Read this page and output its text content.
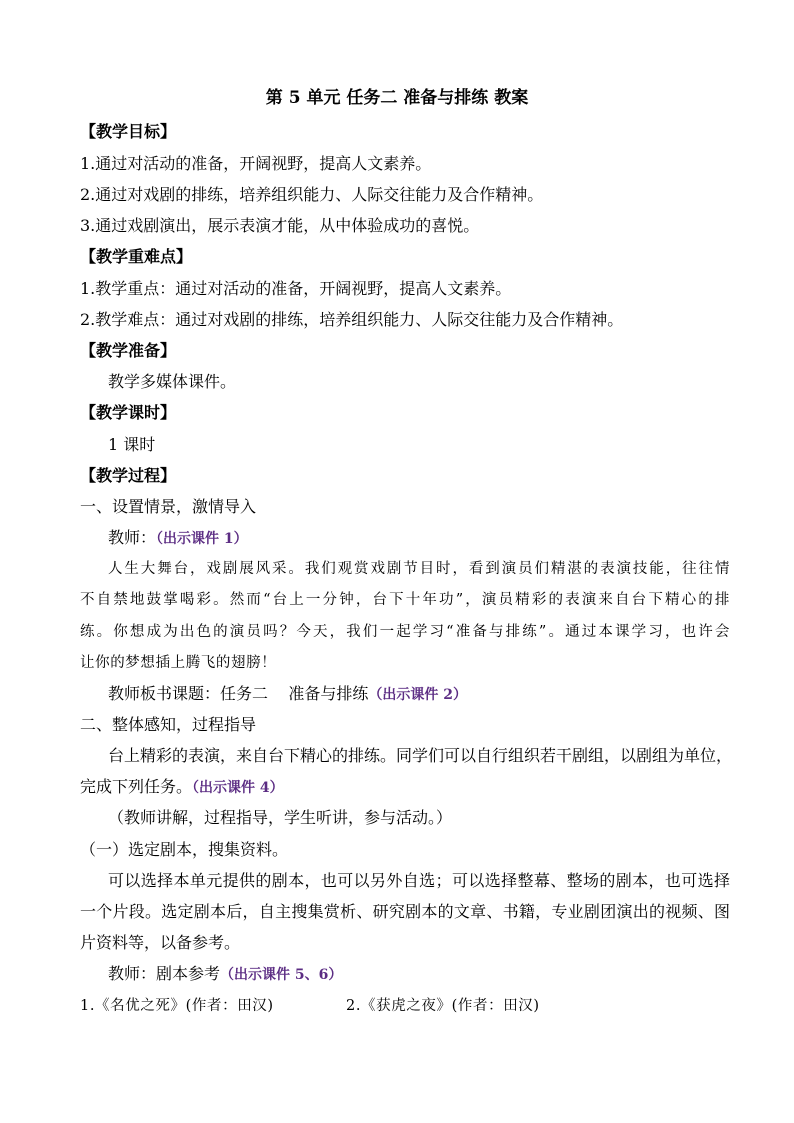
第 5 单元 任务二 准备与排练 教案
【教学目标】
1.通过对活动的准备，开阔视野，提高人文素养。
2.通过对戏剧的排练，培养组织能力、人际交往能力及合作精神。
3.通过戏剧演出，展示表演才能，从中体验成功的喜悦。
【教学重难点】
1.教学重点：通过对活动的准备，开阔视野，提高人文素养。
2.教学难点：通过对戏剧的排练，培养组织能力、人际交往能力及合作精神。
【教学准备】
教学多媒体课件。
【教学课时】
1 课时
【教学过程】
一、设置情景，激情导入
教师：（出示课件 1）
人生大舞台，戏剧展风采。我们观赏戏剧节目时，看到演员们精湛的表演技能，往往情
不自禁地鼓掌喝彩。然而“台上一分钟，台下十年功”，演员精彩的表演来自台下精心的排
练。你想成为出色的演员吗？今天，我们一起学习“准备与排练”。通过本课学习，也许会
让你的梦想插上腾飞的翅膀！
教师板书课题：任务二    准备与排练（出示课件 2）
二、整体感知，过程指导
台上精彩的表演，来自台下精心的排练。同学们可以自行组织若干剧组，以剧组为单位，
完成下列任务。（出示课件 4）
（教师讲解，过程指导，学生听讲，参与活动。）
（一）选定剧本，搜集资料。
可以选择本单元提供的剧本，也可以另外自选；可以选择整幕、整场的剧本，也可选择
一个片段。选定剧本后，自主搜集赏析、研究剧本的文章、书籍，专业剧团演出的视频、图
片资料等，以备参考。
教师：剧本参考（出示课件 5、6）
1.《名优之死》(作者：田汉)	2.《获虎之夜》(作者：田汉)
